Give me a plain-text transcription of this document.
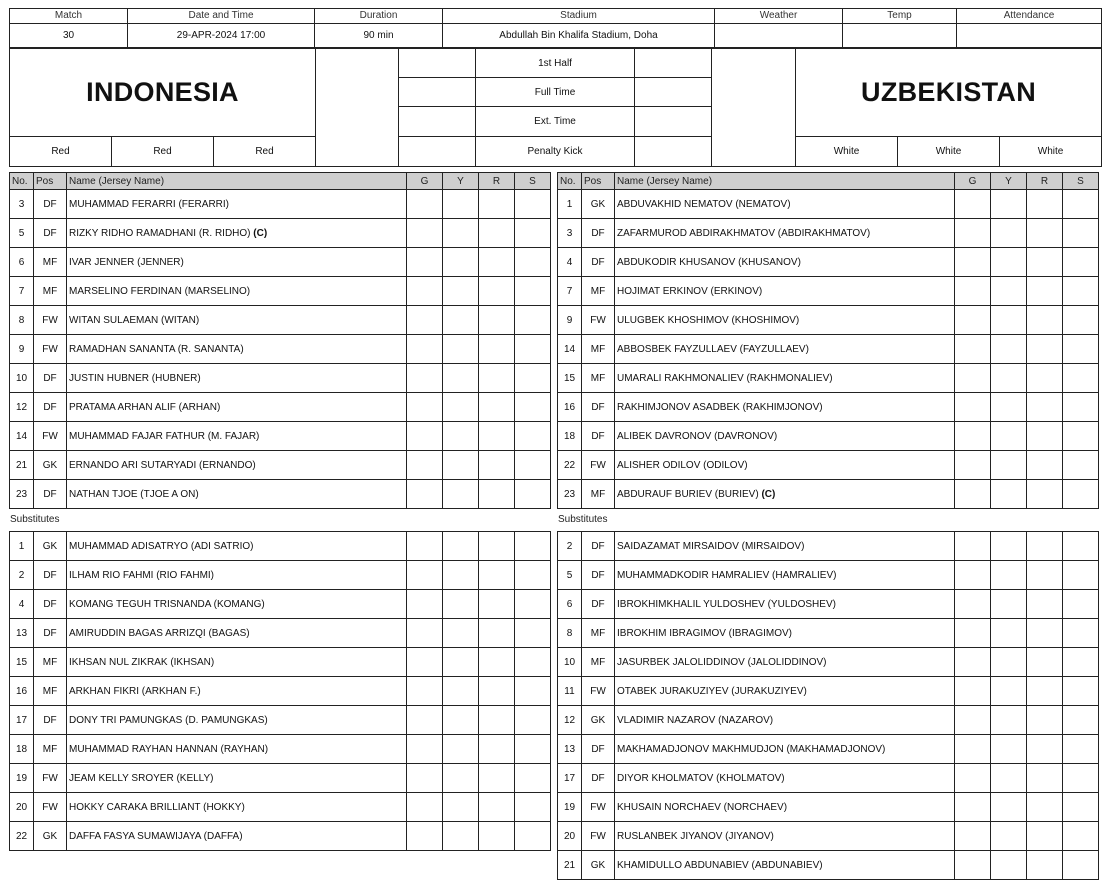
Match	Date and Time	Duration	Stadium	Weather	Temp	Attendance
30	29-APR-2024 17:00	90 min	Abdullah Bin Khalifa Stadium, Doha			
INDONESIA					1st Half			UZBEKISTAN		
					Full Time					
					Ext. Time					
Red	Red	Red			Penalty Kick			White	White	White
No.	Pos	Name (Jersey Name)	G	Y	R	S
3	DF	MUHAMMAD FERARRI (FERARRI)				
5	DF	RIZKY RIDHO RAMADHANI (R. RIDHO) (C)				
6	MF	IVAR JENNER (JENNER)				
7	MF	MARSELINO FERDINAN (MARSELINO)				
8	FW	WITAN SULAEMAN (WITAN)				
9	FW	RAMADHAN SANANTA (R. SANANTA)				
10	DF	JUSTIN HUBNER (HUBNER)				
12	DF	PRATAMA ARHAN ALIF (ARHAN)				
14	FW	MUHAMMAD FAJAR FATHUR (M. FAJAR)				
21	GK	ERNANDO ARI SUTARYADI (ERNANDO)				
23	DF	NATHAN TJOE (TJOE A ON)				
No.	Pos	Name (Jersey Name)	G	Y	R	S
1	GK	ABDUVAKHID NEMATOV (NEMATOV)				
3	DF	ZAFARMUROD ABDIRAKHMATOV (ABDIRAKHMATOV)				
4	DF	ABDUKODIR KHUSANOV (KHUSANOV)				
7	MF	HOJIMAT ERKINOV (ERKINOV)				
9	FW	ULUGBEK KHOSHIMOV (KHOSHIMOV)				
14	MF	ABBOSBEK FAYZULLAEV (FAYZULLAEV)				
15	MF	UMARALI RAKHMONALIEV (RAKHMONALIEV)				
16	DF	RAKHIMJONOV ASADBEK (RAKHIMJONOV)				
18	DF	ALIBEK DAVRONOV (DAVRONOV)				
22	FW	ALISHER ODILOV (ODILOV)				
23	MF	ABDURAUF BURIEV (BURIEV) (C)				
1	GK	MUHAMMAD ADISATRYO (ADI SATRIO)				
2	DF	ILHAM RIO FAHMI (RIO FAHMI)				
4	DF	KOMANG TEGUH TRISNANDA (KOMANG)				
13	DF	AMIRUDDIN BAGAS ARRIZQI (BAGAS)				
15	MF	IKHSAN NUL ZIKRAK (IKHSAN)				
16	MF	ARKHAN FIKRI (ARKHAN F.)				
17	DF	DONY TRI PAMUNGKAS (D. PAMUNGKAS)				
18	MF	MUHAMMAD RAYHAN HANNAN (RAYHAN)				
19	FW	JEAM KELLY SROYER (KELLY)				
20	FW	HOKKY CARAKA BRILLIANT (HOKKY)				
22	GK	DAFFA FASYA SUMAWIJAYA (DAFFA)				
2	DF	SAIDAZAMAT MIRSAIDOV (MIRSAIDOV)				
5	DF	MUHAMMADKODIR HAMRALIEV (HAMRALIEV)				
6	DF	IBROKHIMKHALIL YULDOSHEV (YULDOSHEV)				
8	MF	IBROKHIM IBRAGIMOV (IBRAGIMOV)				
10	MF	JASURBEK JALOLIDDINOV (JALOLIDDINOV)				
11	FW	OTABEK JURAKUZIYEV (JURAKUZIYEV)				
12	GK	VLADIMIR NAZAROV (NAZAROV)				
13	DF	MAKHAMADJONOV MAKHMUDJON (MAKHAMADJONOV)				
17	DF	DIYOR KHOLMATOV (KHOLMATOV)				
19	FW	KHUSAIN NORCHAEV (NORCHAEV)				
20	FW	RUSLANBEK JIYANOV (JIYANOV)				
21	GK	KHAMIDULLO ABDUNABIEV (ABDUNABIEV)				
Substitutes	Substitutes
